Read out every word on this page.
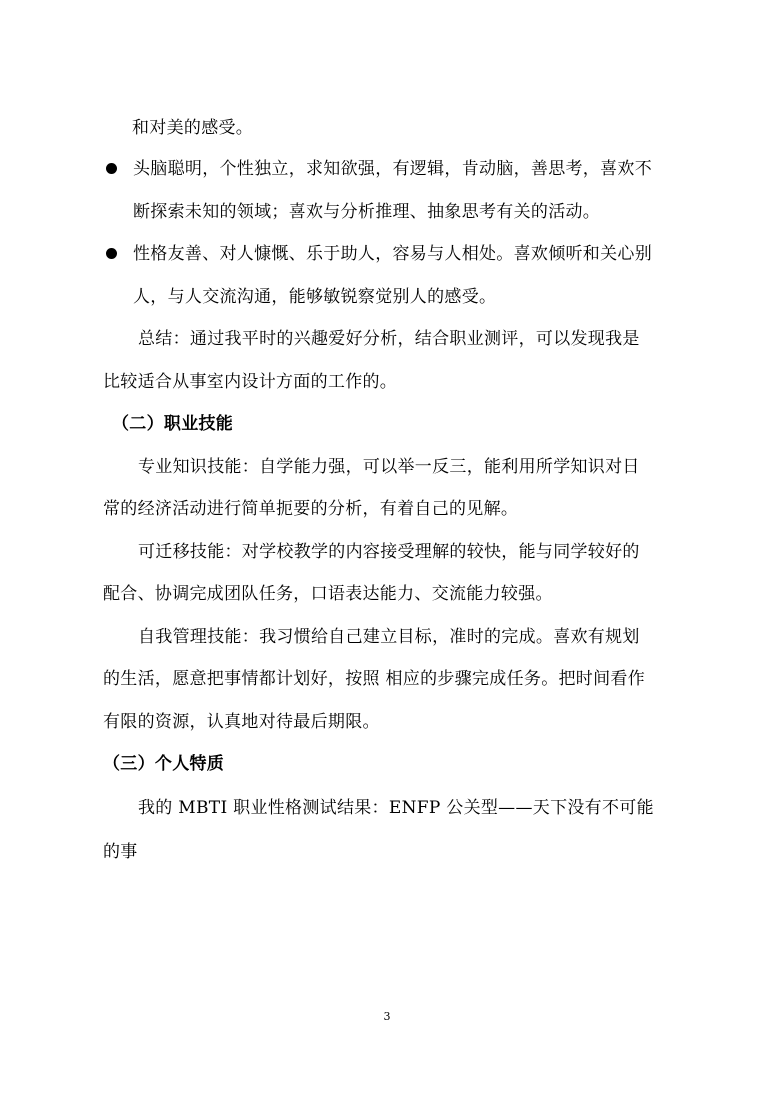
和对美的感受。
头脑聪明，个性独立，求知欲强，有逻辑，肯动脑，善思考，喜欢不
断探索未知的领域；喜欢与分析推理、抽象思考有关的活动。
性格友善、对人慷慨、乐于助人，容易与人相处。喜欢倾听和关心别
人，与人交流沟通，能够敏锐察觉别人的感受。
总结：通过我平时的兴趣爱好分析，结合职业测评，可以发现我是
比较适合从事室内设计方面的工作的。
（二）职业技能
专业知识技能：自学能力强，可以举一反三，能利用所学知识对日
常的经济活动进行简单扼要的分析，有着自己的见解。
可迁移技能：对学校教学的内容接受理解的较快，能与同学较好的
配合、协调完成团队任务，口语表达能力、交流能力较强。
自我管理技能：我习惯给自己建立目标，准时的完成。喜欢有规划
的生活，愿意把事情都计划好，按照 相应的步骤完成任务。把时间看作
有限的资源，认真地对待最后期限。
（三）个人特质
我的 MBTI 职业性格测试结果：ENFP 公关型——天下没有不可能
的事
3
